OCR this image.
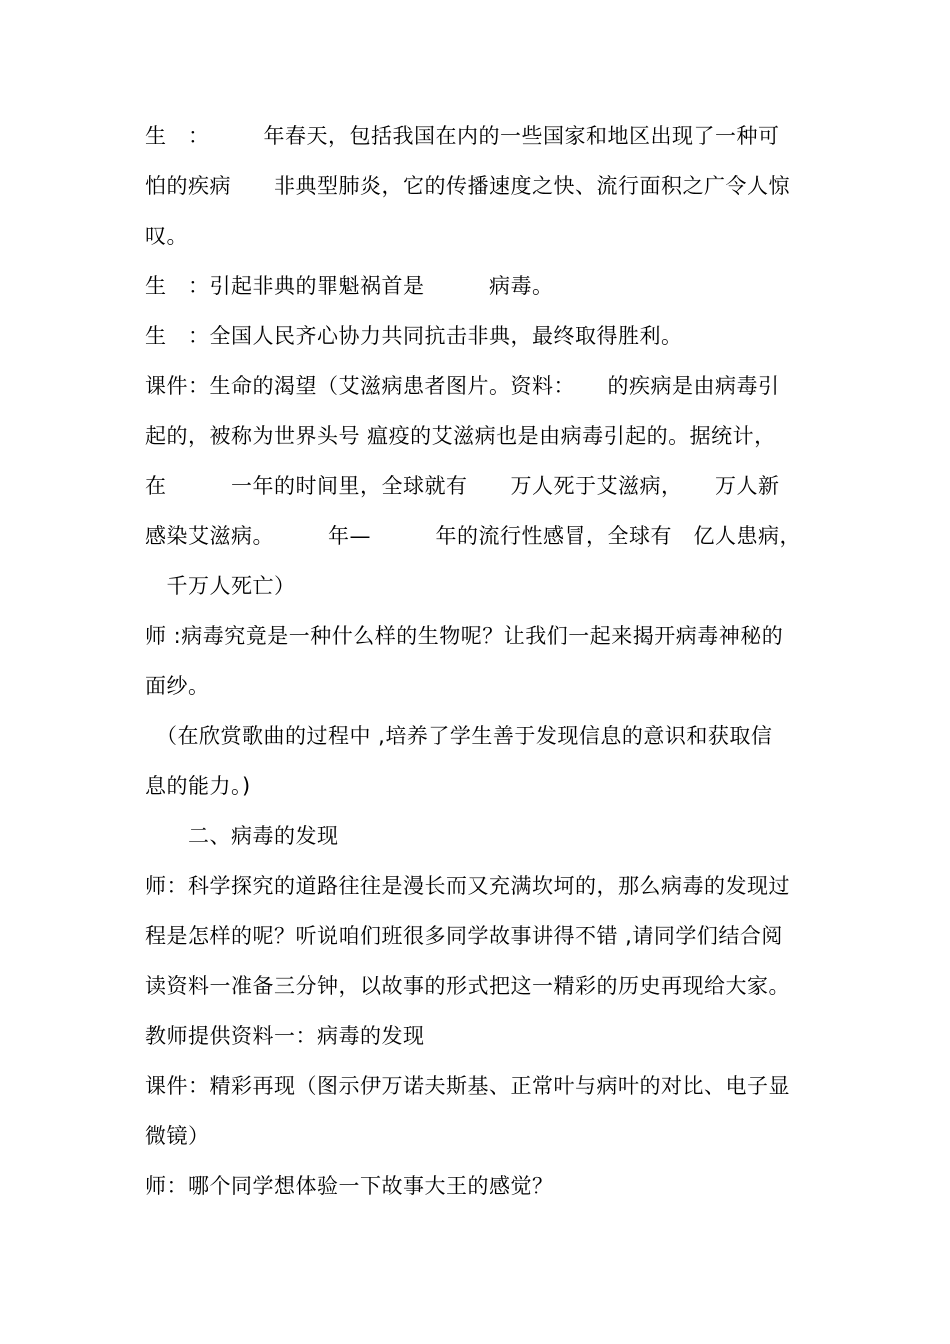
生　：　　　年春天，包括我国在内的一些国家和地区出现了一种可
怕的疾病　　非典型肺炎，它的传播速度之快、流行面积之广令人惊
叹。
生　：引起非典的罪魁祸首是　　　病毒。
生　：全国人民齐心协力共同抗击非典，最终取得胜利。
课件：生命的渴望（艾滋病患者图片。资料：　　的疾病是由病毒引
起的，被称为世界头号 瘟疫的艾滋病也是由病毒引起的。据统计，
在　　　一年的时间里，全球就有　　万人死于艾滋病，　　万人新
感染艾滋病。　　　年—　　　年的流行性感冒，全球有　亿人患病，
　千万人死亡）
师 :病毒究竟是一种什么样的生物呢？让我们一起来揭开病毒神秘的
面纱。
　（在欣赏歌曲的过程中 ,培养了学生善于发现信息的意识和获取信
息的能力。)
　　二、病毒的发现
师：科学探究的道路往往是漫长而又充满坎坷的，那么病毒的发现过
程是怎样的呢？听说咱们班很多同学故事讲得不错 ,请同学们结合阅
读资料一准备三分钟，以故事的形式把这一精彩的历史再现给大家。
教师提供资料一：病毒的发现
课件：精彩再现（图示伊万诺夫斯基、正常叶与病叶的对比、电子显
微镜）
师：哪个同学想体验一下故事大王的感觉？
